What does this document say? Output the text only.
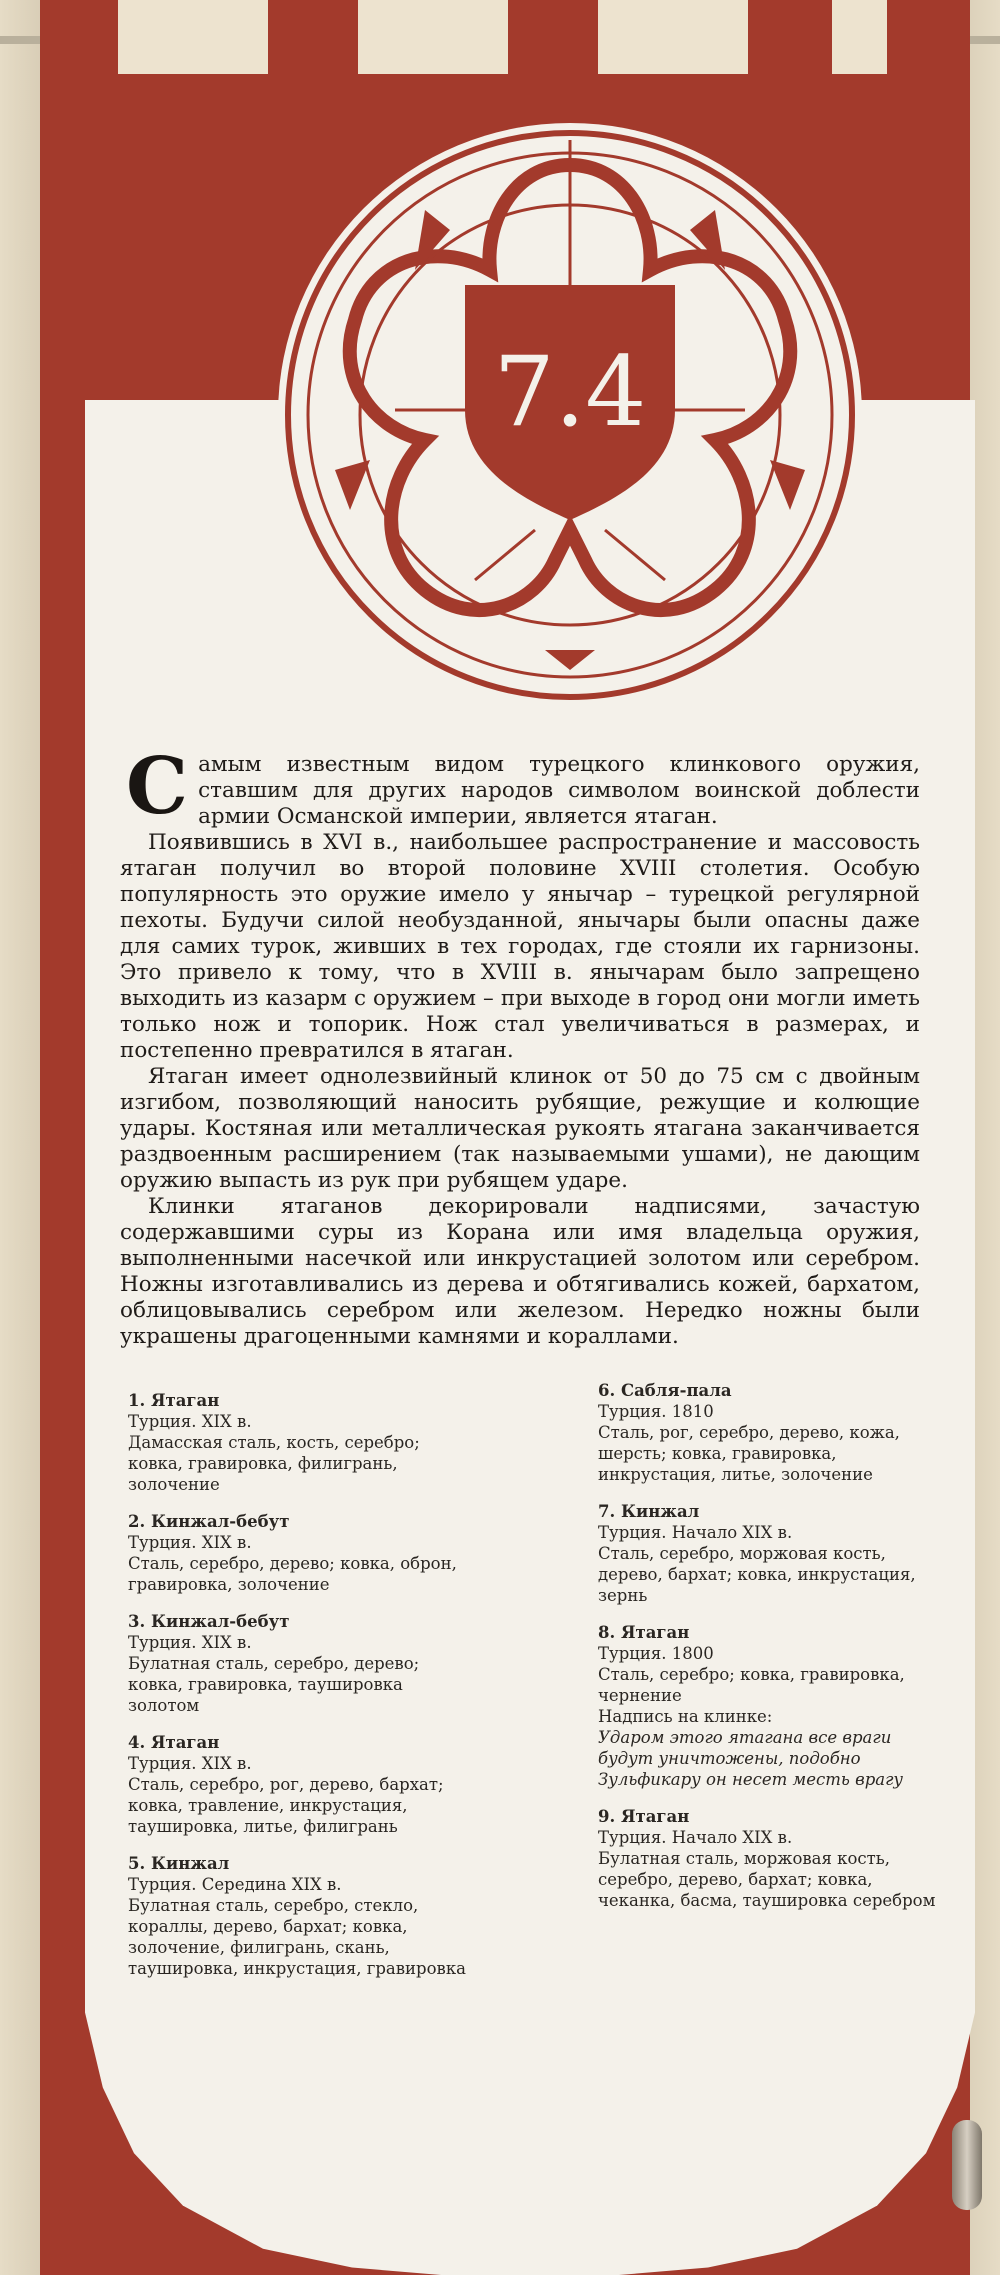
7.4

Самым известным видом турецкого клинкового оружия, ставшим для других народов символом воинской доблести армии Османской империи, является ятаган.

Появившись в XVI в., наибольшее распространение и массовость ятаган получил во второй половине XVIII столетия. Особую популярность это оружие имело у янычар – турецкой регулярной пехоты. Будучи силой необузданной, янычары были опасны даже для самих турок, живших в тех городах, где стояли их гарнизоны. Это привело к тому, что в XVIII в. янычарам было запрещено выходить из казарм с оружием – при выходе в город они могли иметь только нож и топорик. Нож стал увеличиваться в размерах, и постепенно превратился в ятаган.

Ятаган имеет однолезвийный клинок от 50 до 75 см с двойным изгибом, позволяющий наносить рубящие, режущие и колющие удары. Костяная или металлическая рукоять ятагана заканчивается раздвоенным расширением (так называемыми ушами), не дающим оружию выпасть из рук при рубящем ударе.

Клинки ятаганов декорировали надписями, зачастую содержавшими суры из Корана или имя владельца оружия, выполненными насечкой или инкрустацией золотом или серебром. Ножны изготавливались из дерева и обтягивались кожей, бархатом, облицовывались серебром или железом. Нередко ножны были украшены драгоценными камнями и кораллами.

1. Ятаган
Турция. XIX в.
Дамасская сталь, кость, серебро; ковка, гравировка, филигрань, золочение
2. Кинжал-бебут
Турция. XIX в.
Сталь, серебро, дерево; ковка, оброн, гравировка, золочение
3. Кинжал-бебут
Турция. XIX в.
Булатная сталь, серебро, дерево; ковка, гравировка, таушировка золотом
4. Ятаган
Турция. XIX в.
Сталь, серебро, рог, дерево, бархат; ковка, травление, инкрустация, таушировка, литье, филигрань
5. Кинжал
Турция. Середина XIX в.
Булатная сталь, серебро, стекло, кораллы, дерево, бархат; ковка, золочение, филигрань, скань, таушировка, инкрустация, гравировка
6. Сабля-пала
Турция. 1810
Сталь, рог, серебро, дерево, кожа, шерсть; ковка, гравировка, инкрустация, литье, золочение
7. Кинжал
Турция. Начало XIX в.
Сталь, серебро, моржовая кость, дерево, бархат; ковка, инкрустация, зернь
8. Ятаган
Турция. 1800
Сталь, серебро; ковка, гравировка, чернение
Надпись на клинке:
Ударом этого ятагана все враги будут уничтожены, подобно Зульфикару он несет месть врагу
9. Ятаган
Турция. Начало XIX в.
Булатная сталь, моржовая кость, серебро, дерево, бархат; ковка, чеканка, басма, таушировка серебром
